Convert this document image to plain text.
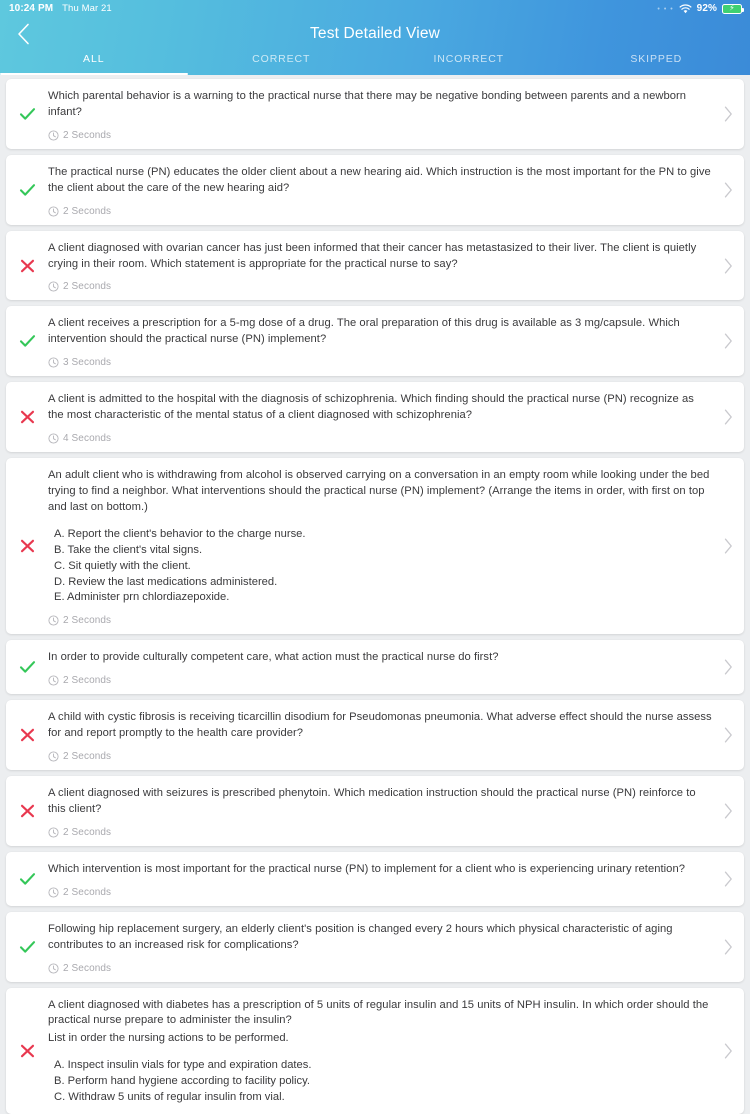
10:24 PM Thu Mar 21	• • • 92% ⚡
Test Detailed View
ALL	CORRECT	INCORRECT	SKIPPED
Which parental behavior is a warning to the practical nurse that there may be negative bonding between parents and a newborn infant?
2 Seconds
The practical nurse (PN) educates the older client about a new hearing aid. Which instruction is the most important for the PN to give the client about the care of the new hearing aid?
2 Seconds
A client diagnosed with ovarian cancer has just been informed that their cancer has metastasized to their liver. The client is quietly crying in their room. Which statement is appropriate for the practical nurse to say?
2 Seconds
A client receives a prescription for a 5-mg dose of a drug. The oral preparation of this drug is available as 3 mg/capsule. Which intervention should the practical nurse (PN) implement?
3 Seconds
A client is admitted to the hospital with the diagnosis of schizophrenia. Which finding should the practical nurse (PN) recognize as the most characteristic of the mental status of a client diagnosed with schizophrenia?
4 Seconds
An adult client who is withdrawing from alcohol is observed carrying on a conversation in an empty room while looking under the bed trying to find a neighbor. What interventions should the practical nurse (PN) implement? (Arrange the items in order, with first on top and last on bottom.)
A. Report the client's behavior to the charge nurse.
B. Take the client's vital signs.
C. Sit quietly with the client.
D. Review the last medications administered.
E. Administer prn chlordiazepoxide.
2 Seconds
In order to provide culturally competent care, what action must the practical nurse do first?
2 Seconds
A child with cystic fibrosis is receiving ticarcillin disodium for Pseudomonas pneumonia. What adverse effect should the nurse assess for and report promptly to the health care provider?
2 Seconds
A client diagnosed with seizures is prescribed phenytoin. Which medication instruction should the practical nurse (PN) reinforce to this client?
2 Seconds
Which intervention is most important for the practical nurse (PN) to implement for a client who is experiencing urinary retention?
2 Seconds
Following hip replacement surgery, an elderly client's position is changed every 2 hours which physical characteristic of aging contributes to an increased risk for complications?
2 Seconds
A client diagnosed with diabetes has a prescription of 5 units of regular insulin and 15 units of NPH insulin. In which order should the practical nurse prepare to administer the insulin?
List in order the nursing actions to be performed.
A. Inspect insulin vials for type and expiration dates.
B. Perform hand hygiene according to facility policy.
C. Withdraw 5 units of regular insulin from vial.
